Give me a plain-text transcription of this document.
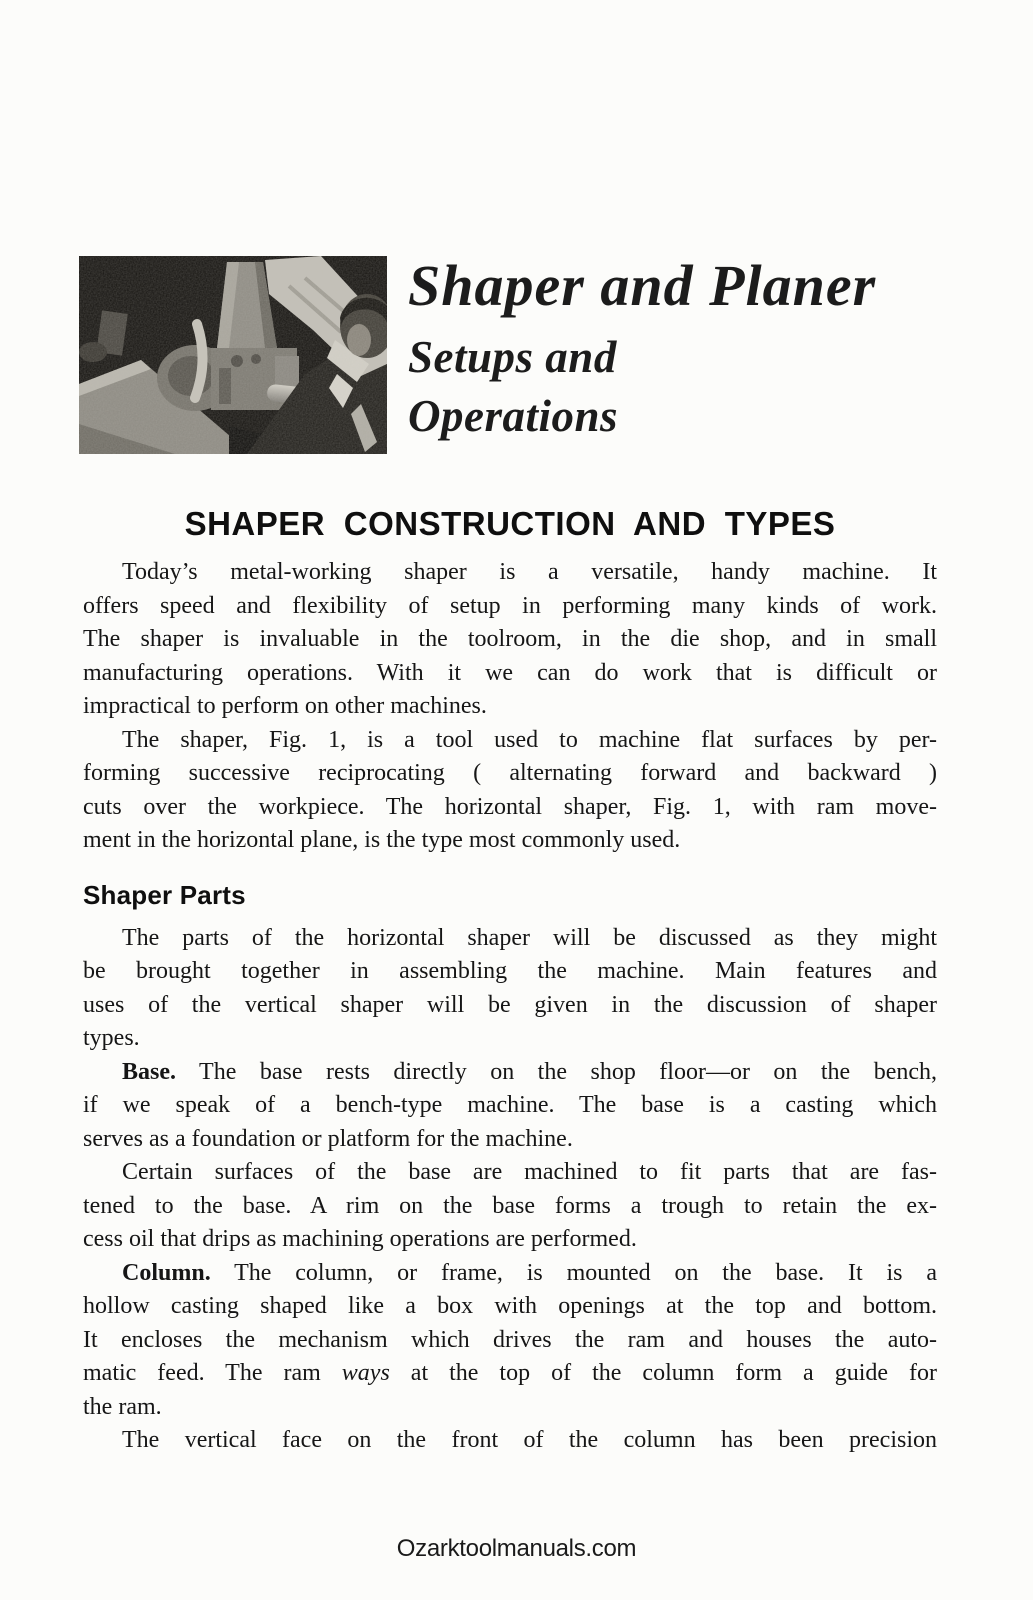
Shaper and Planer
Setups and
Operations
SHAPER CONSTRUCTION AND TYPES
Today’s metal-working shaper is a versatile, handy machine. It
offers speed and flexibility of setup in performing many kinds of work.
The shaper is invaluable in the toolroom, in the die shop, and in small
manufacturing operations. With it we can do work that is difficult or
impractical to perform on other machines.
The shaper, Fig. 1, is a tool used to machine flat surfaces by per-
forming successive reciprocating ( alternating forward and backward )
cuts over the workpiece. The horizontal shaper, Fig. 1, with ram move-
ment in the horizontal plane, is the type most commonly used.
Shaper Parts
The parts of the horizontal shaper will be discussed as they might
be brought together in assembling the machine. Main features and
uses of the vertical shaper will be given in the discussion of shaper
types.
Base. The base rests directly on the shop floor—or on the bench,
if we speak of a bench-type machine. The base is a casting which
serves as a foundation or platform for the machine.
Certain surfaces of the base are machined to fit parts that are fas-
tened to the base. A rim on the base forms a trough to retain the ex-
cess oil that drips as machining operations are performed.
Column. The column, or frame, is mounted on the base. It is a
hollow casting shaped like a box with openings at the top and bottom.
It encloses the mechanism which drives the ram and houses the auto-
matic feed. The ram ways at the top of the column form a guide for
the ram.
The vertical face on the front of the column has been precision
Ozarktoolmanuals.com
